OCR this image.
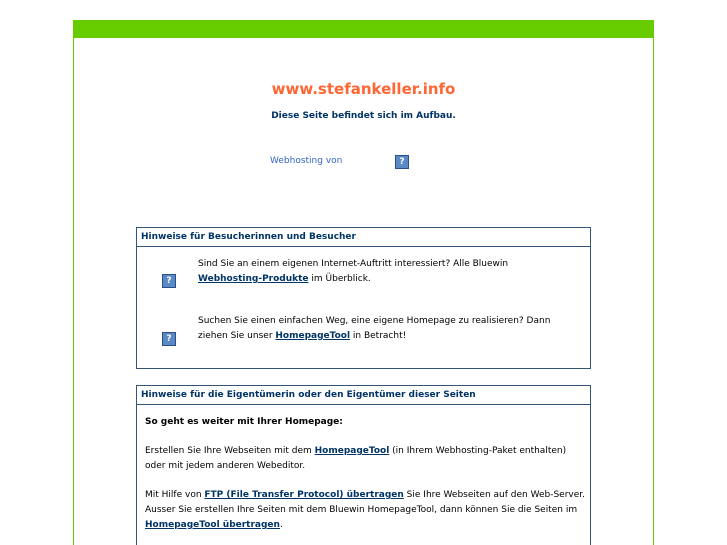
www.stefankeller.info
Diese Seite befindet sich im Aufbau.
Webhosting von	?
Hinweise für Besucherinnen und Besucher
?
Sind Sie an einem eigenen Internet-Auftritt interessiert? Alle Bluewin Webhosting-Produkte im Überblick.
?
Suchen Sie einen einfachen Weg, eine eigene Homepage zu realisieren? Dann ziehen Sie unser HomepageTool in Betracht!
Hinweise für die Eigentümerin oder den Eigentümer dieser Seiten
So geht es weiter mit Ihrer Homepage:
Erstellen Sie Ihre Webseiten mit dem HomepageTool (in Ihrem Webhosting-Paket enthalten) oder mit jedem anderen Webeditor.
Mit Hilfe von FTP (File Transfer Protocol) übertragen Sie Ihre Webseiten auf den Web-Server. Ausser Sie erstellen Ihre Seiten mit dem Bluewin HomepageTool, dann können Sie die Seiten im HomepageTool übertragen.
